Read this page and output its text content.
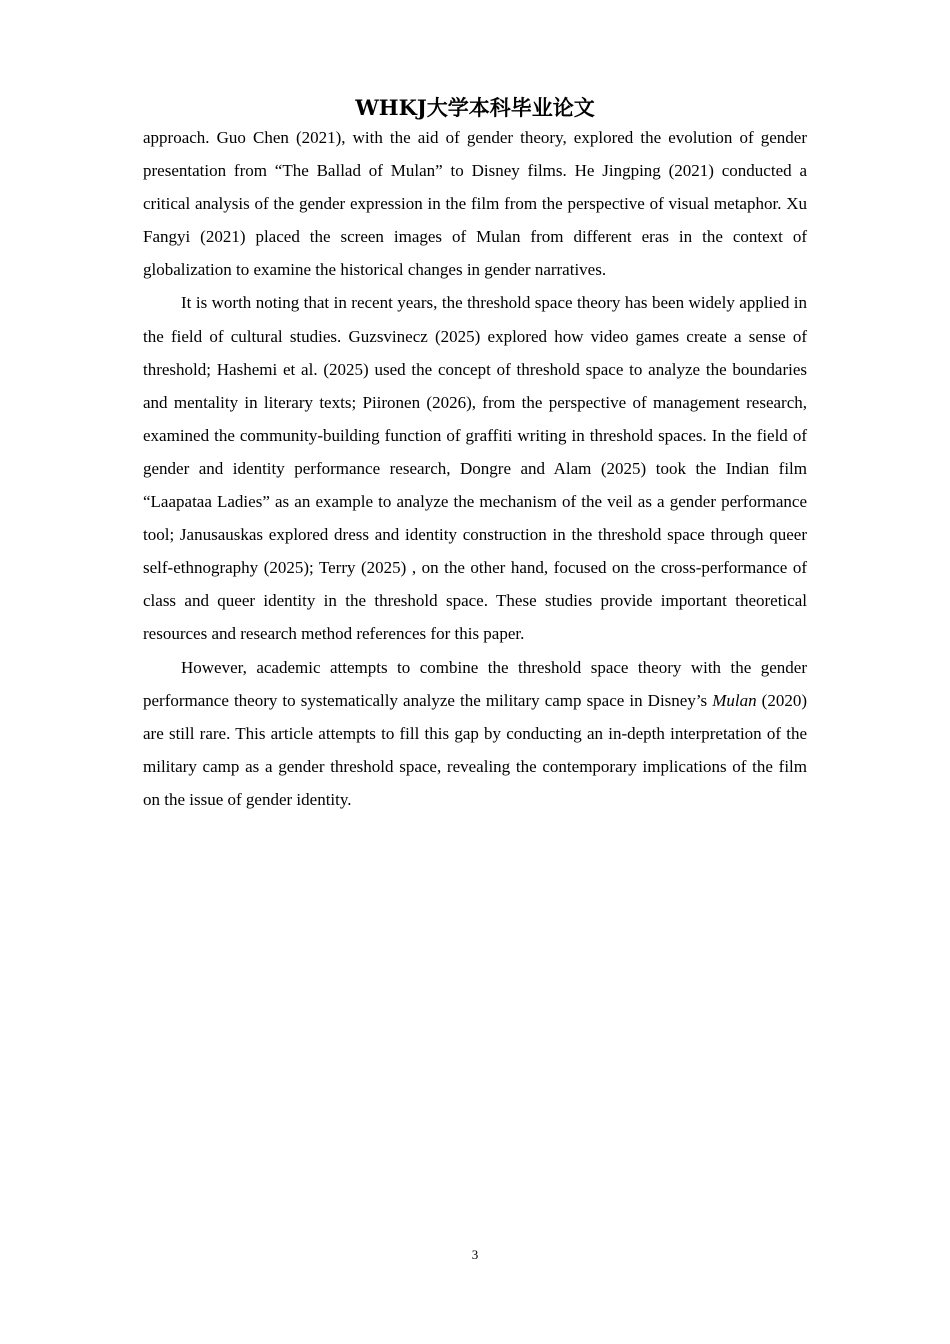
WHKJ大学本科毕业论文

approach. Guo Chen (2021), with the aid of gender theory, explored the evolution of gender presentation from “The Ballad of Mulan” to Disney films. He Jingping (2021) conducted a critical analysis of the gender expression in the film from the perspective of visual metaphor. Xu Fangyi (2021) placed the screen images of Mulan from different eras in the context of globalization to examine the historical changes in gender narratives.

It is worth noting that in recent years, the threshold space theory has been widely applied in the field of cultural studies. Guzsvinecz (2025) explored how video games create a sense of threshold; Hashemi et al. (2025) used the concept of threshold space to analyze the boundaries and mentality in literary texts; Piironen (2026), from the perspective of management research, examined the community-building function of graffiti writing in threshold spaces. In the field of gender and identity performance research, Dongre and Alam (2025) took the Indian film “Laapataa Ladies” as an example to analyze the mechanism of the veil as a gender performance tool; Janusauskas explored dress and identity construction in the threshold space through queer self-ethnography (2025); Terry (2025) , on the other hand, focused on the cross-performance of class and queer identity in the threshold space. These studies provide important theoretical resources and research method references for this paper.

However, academic attempts to combine the threshold space theory with the gender performance theory to systematically analyze the military camp space in Disney’s Mulan (2020) are still rare. This article attempts to fill this gap by conducting an in-depth interpretation of the military camp as a gender threshold space, revealing the contemporary implications of the film on the issue of gender identity.

3
